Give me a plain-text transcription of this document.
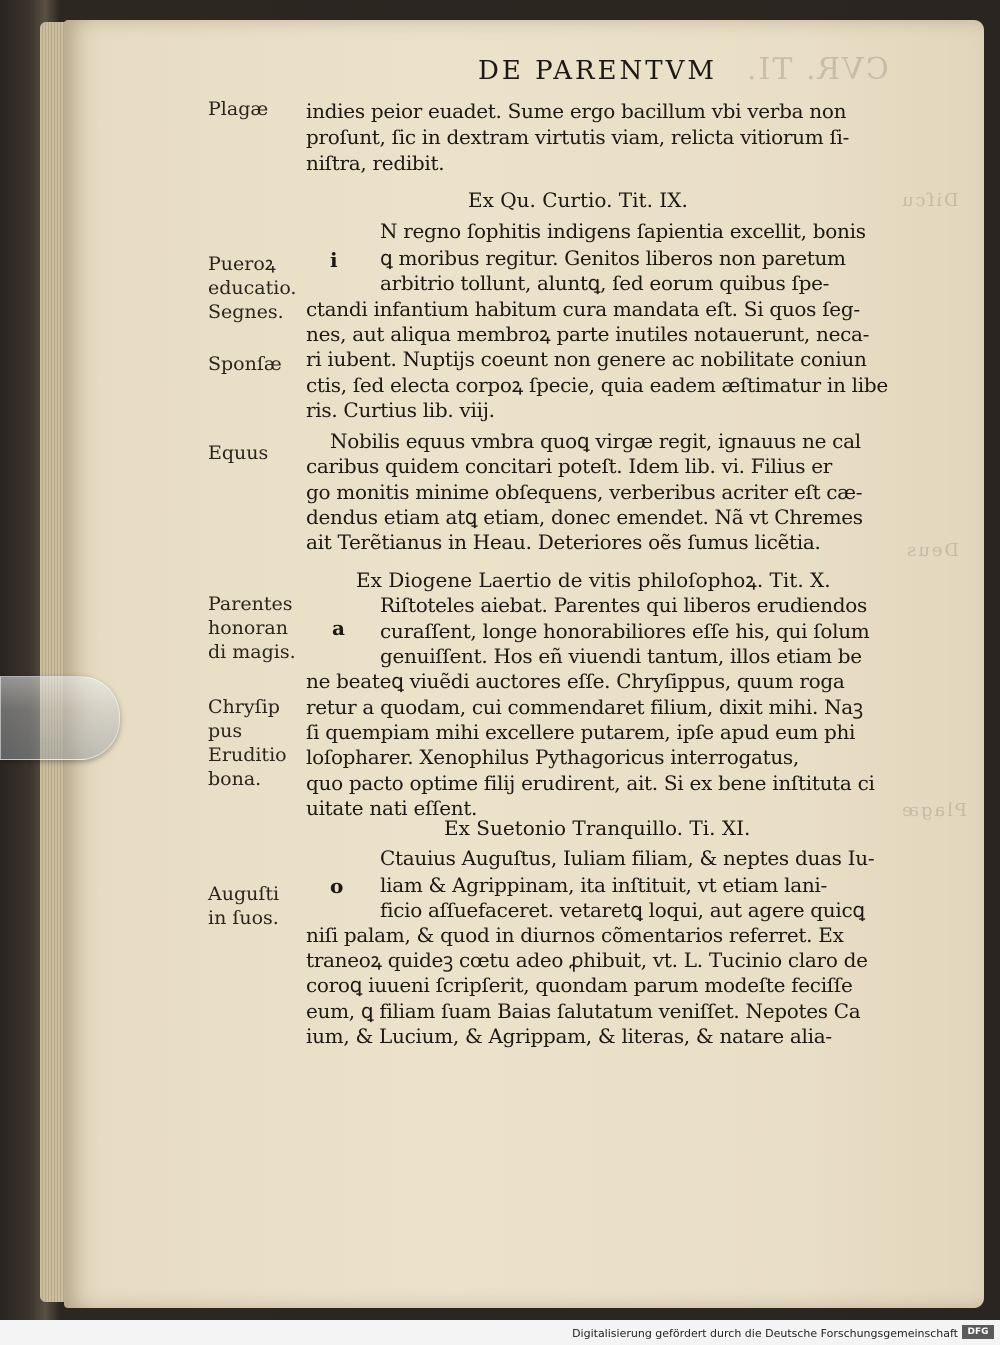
CVR. TI.
Diſcu
Deus
Plagæ
DE PARENTVM
Plagæ
Pueroꝝ
educatio.
Segnes.
Sponſæ
Equus
Parentes
honoran
di magis.
Chryſip
pus
Eruditio
bona.
Auguſti
in ſuos.
i
a
o
Ex Qu. Curtio. Tit. IX.
Ex Diogene Laertio de vitis philoſophoꝝ. Tit. X.
Ex Suetonio Tranquillo. Ti. XI.
indies peior euadet. Sume ergo bacillum vbi verba non
proſunt, ſic in dextram virtutis viam, relicta vitiorum ſi-
niſtra, redibit.
N regno ſophitis indigens ſapientia excellit, bonis
ꝗ moribus regitur. Genitos liberos non paretum
arbitrio tollunt, aluntꝗ, ſed eorum quibus ſpe-
ctandi infantium habitum cura mandata eſt. Si quos ſeg-
nes, aut aliqua membroꝝ parte inutiles notauerunt, neca-
ri iubent. Nuptijs coeunt non genere ac nobilitate coniun
ctis, ſed electa corpoꝝ ſpecie, quia eadem æſtimatur in libe
ris. Curtius lib. viij.
Nobilis equus vmbra quoꝗ virgæ regit, ignauus ne cal
caribus quidem concitari poteſt. Idem lib. vi. Filius er
go monitis minime obſequens, verberibus acriter eſt cæ-
dendus etiam atꝗ etiam, donec emendet. Nã vt Chremes
ait Terẽtianus in Heau. Deteriores oẽs ſumus licẽtia.
Riſtoteles aiebat. Parentes qui liberos erudiendos
curaſſent, longe honorabiliores eſſe his, qui ſolum
genuiſſent. Hos eñ viuendi tantum, illos etiam be
ne beateꝗ viuẽdi auctores eſſe. Chryſippus, quum roga
retur a quodam, cui commendaret filium, dixit mihi. Naꝫ
ſi quempiam mihi excellere putarem, ipſe apud eum phi
loſopharer. Xenophilus Pythagoricus interrogatus,
quo pacto optime filij erudirent, ait. Si ex bene inſtituta ci
uitate nati eſſent.
Ctauius Auguſtus, Iuliam filiam, & neptes duas Iu-
liam & Agrippinam, ita inſtituit, vt etiam lani-
ficio aſſuefaceret. vetaretꝗ loqui, aut agere quicꝗ
niſi palam, & quod in diurnos cõmentarios referret. Ex
traneoꝝ quideꝫ cœtu adeo ꝓhibuit, vt. L. Tucinio claro de
coroꝗ iuueni ſcripſerit, quondam parum modeſte feciſſe
eum, ꝗ filiam ſuam Baias ſalutatum veniſſet. Nepotes Ca
ium, & Lucium, & Agrippam, & literas, & natare alia-
Digitalisierung gefördert durch die Deutsche Forschungsgemeinschaft	DFG
